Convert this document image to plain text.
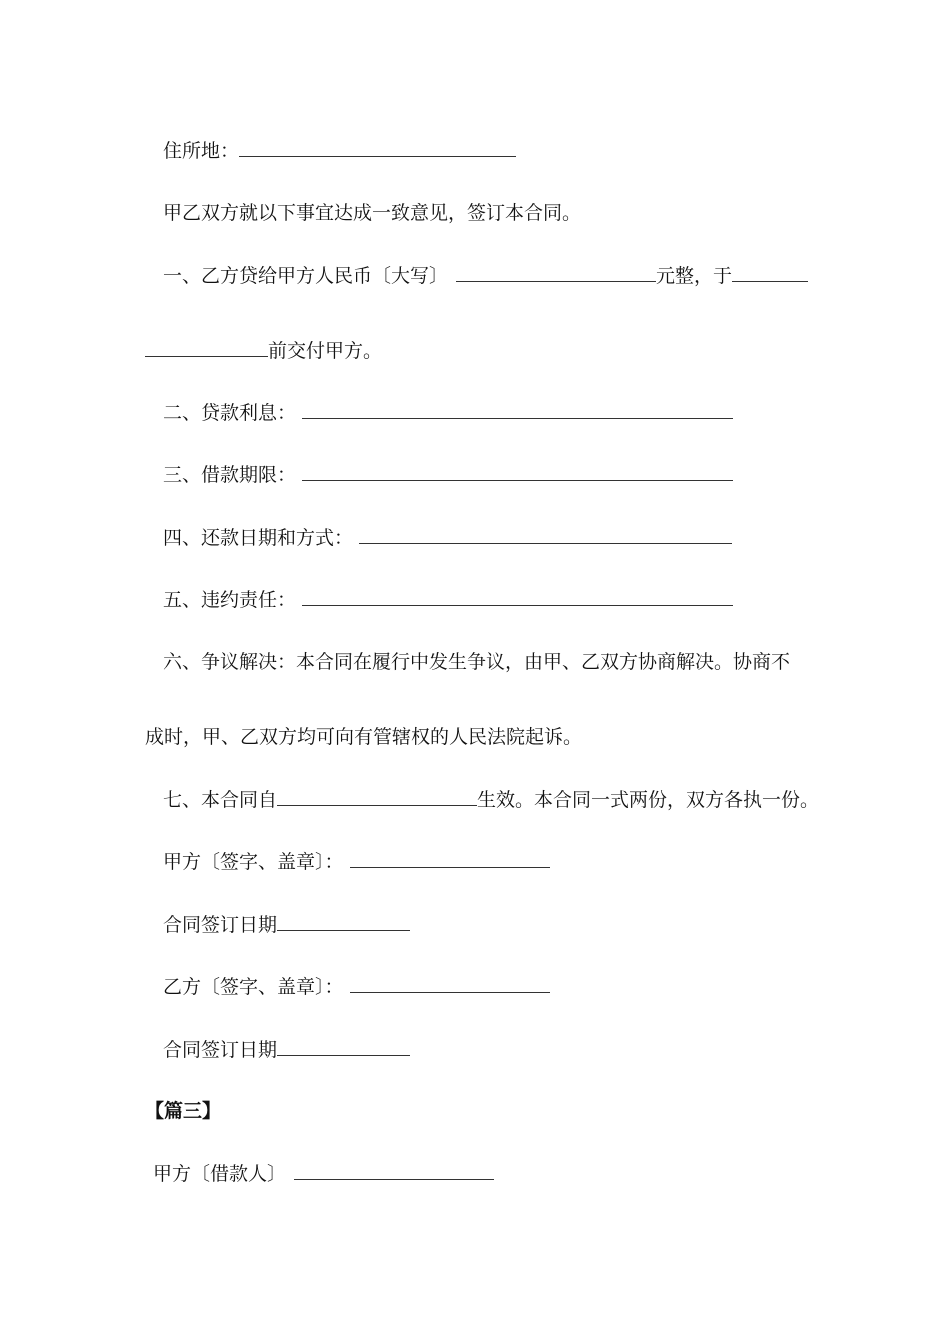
住所地：
甲乙双方就以下事宜达成一致意见，签订本合同。
一、乙方贷给甲方人民币〔大写〕	元整，于
前交付甲方。
二、贷款利息：
三、借款期限：
四、还款日期和方式：
五、违约责任：
六、争议解决：本合同在履行中发生争议，由甲、乙双方协商解决。协商不
成时，甲、乙双方均可向有管辖权的人民法院起诉。
七、本合同自	生效。本合同一式两份，双方各执一份。
甲方〔签字、盖章〕：
合同签订日期
乙方〔签字、盖章〕：
合同签订日期
【篇三】
甲方〔借款人〕
